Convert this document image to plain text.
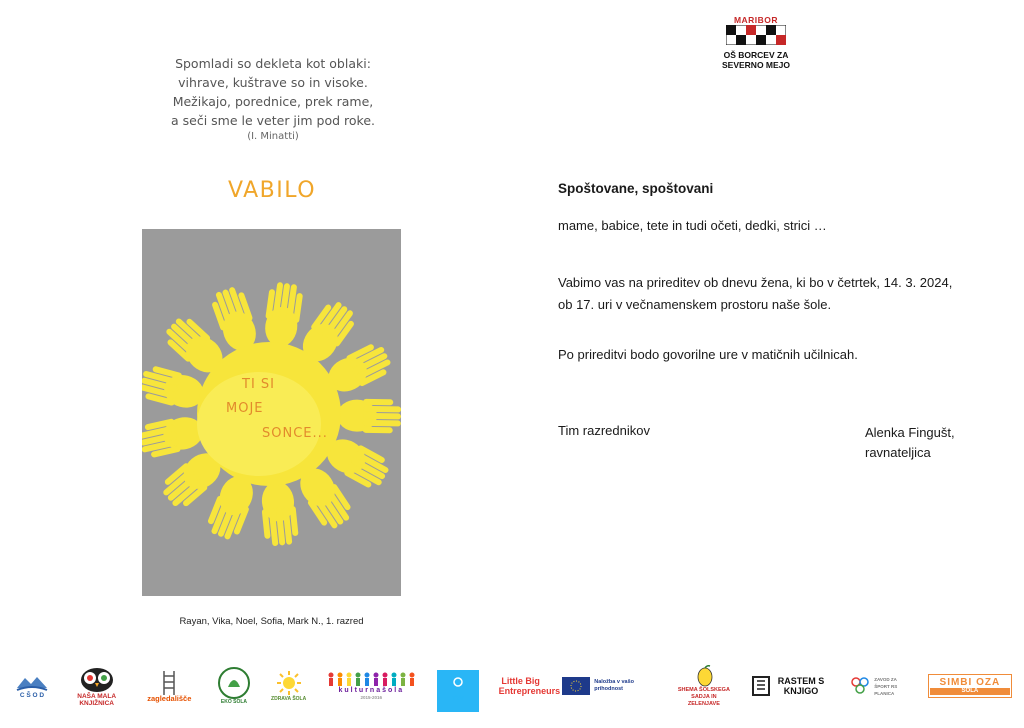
Spomladi so dekleta kot oblaki:
vihrave, kuštrave so in visoke.
Mežikajo, porednice, prek rame,
a seči sme le veter jim pod roke.
(I. Minatti)
VABILO
TI SI
MOJE
SONCE...
Rayan, Vika, Noel, Sofia, Mark N., 1. razred
MARIBOR
OŠ BORCEV ZA
SEVERNO MEJO
Spoštovane, spoštovani
mame, babice, tete in tudi očeti, dedki, strici …
Vabimo vas na prireditev ob dnevu žena, ki bo v četrtek, 14. 3. 2024, ob 17. uri v večnamenskem prostoru naše šole.
Po prireditvi bodo govorilne ure v matičnih učilnicah.
Tim razrednikov	Alenka Fingušt,
ravnateljica
C Š O D	NAŠA MALA KNJIŽNICA
zagledališče	EKO ŠOLA	ZDRAVA ŠOLA
kulturnašola
2015-2016	TYV
Little Big Entrepreneurs
Naložba v vašo prihodnost	SHEMA ŠOLSKEGA SADJA IN ZELENJAVE
RASTEM S KNJIGO
ZAVOD ZA ŠPORT RS PLANICA
SIMBI OZA
ŠOLA
